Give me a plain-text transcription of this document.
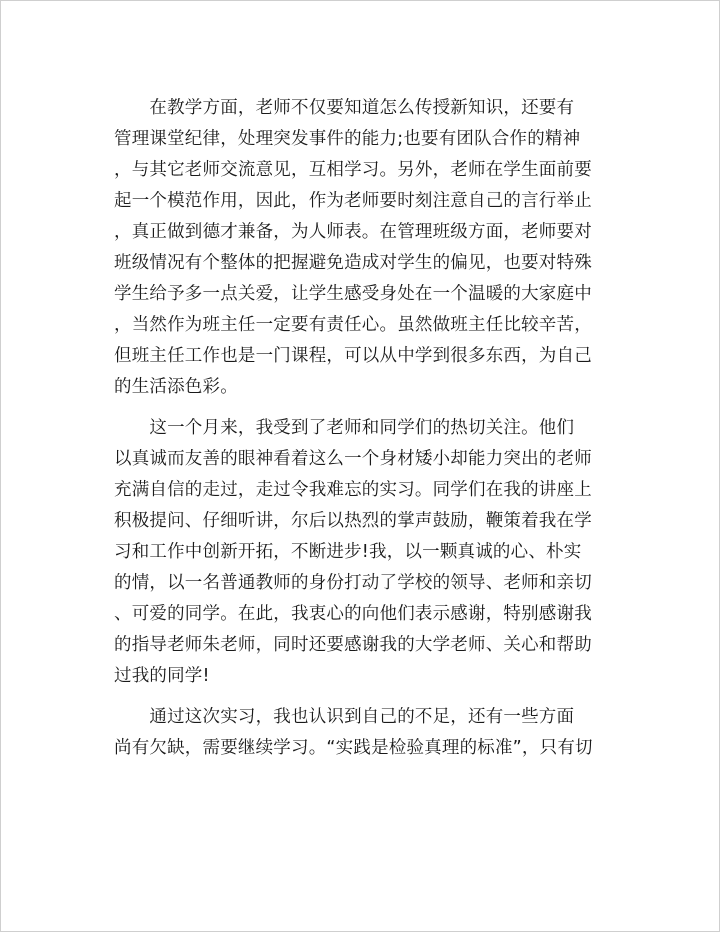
　　在教学方面，老师不仅要知道怎么传授新知识，还要有
管理课堂纪律，处理突发事件的能力;也要有团队合作的精神
，与其它老师交流意见，互相学习。另外，老师在学生面前要
起一个模范作用，因此，作为老师要时刻注意自己的言行举止
，真正做到德才兼备，为人师表。在管理班级方面，老师要对
班级情况有个整体的把握避免造成对学生的偏见，也要对特殊
学生给予多一点关爱，让学生感受身处在一个温暖的大家庭中
，当然作为班主任一定要有责任心。虽然做班主任比较辛苦，
但班主任工作也是一门课程，可以从中学到很多东西，为自己
的生活添色彩。
　　这一个月来，我受到了老师和同学们的热切关注。他们
以真诚而友善的眼神看着这么一个身材矮小却能力突出的老师
充满自信的走过，走过令我难忘的实习。同学们在我的讲座上
积极提问、仔细听讲，尔后以热烈的掌声鼓励，鞭策着我在学
习和工作中创新开拓，不断进步!我，以一颗真诚的心、朴实
的情，以一名普通教师的身份打动了学校的领导、老师和亲切
、可爱的同学。在此，我衷心的向他们表示感谢，特别感谢我
的指导老师朱老师，同时还要感谢我的大学老师、关心和帮助
过我的同学!
　　通过这次实习，我也认识到自己的不足，还有一些方面
尚有欠缺，需要继续学习。“实践是检验真理的标准”，只有切
